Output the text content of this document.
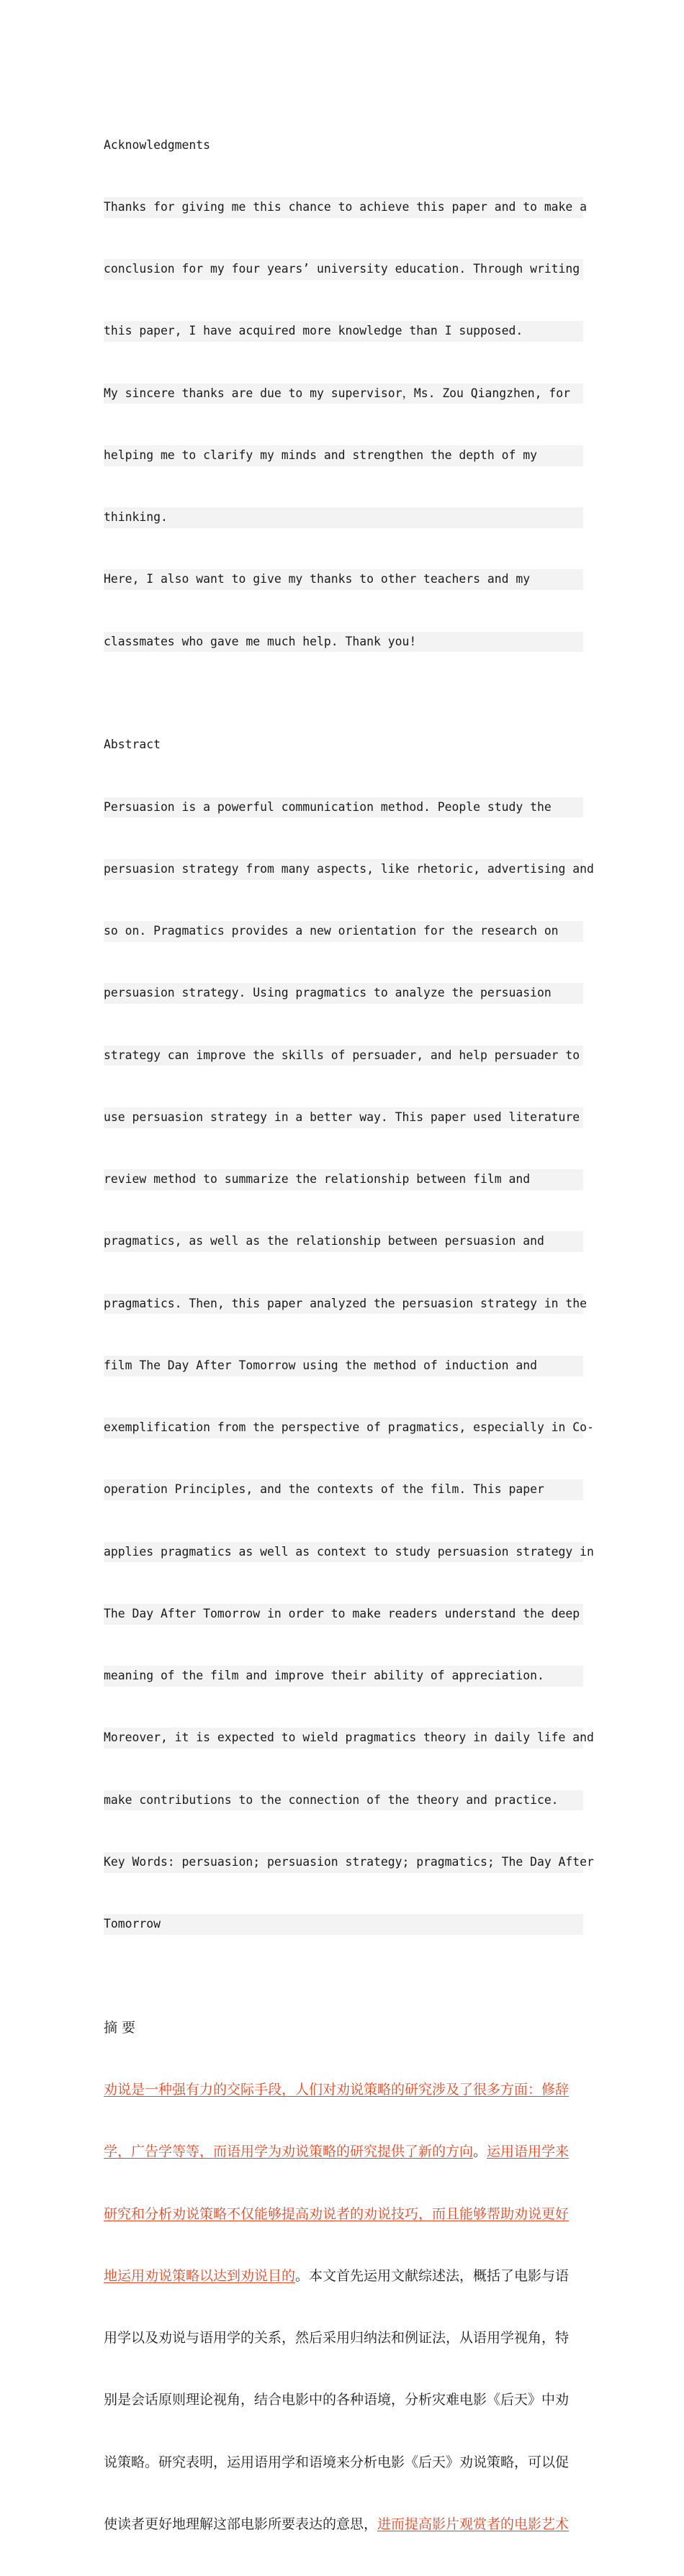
Acknowledgments

Thanks for giving me this chance to achieve this paper and to make a

conclusion for my four years’ university education. Through writing

this paper, I have acquired more knowledge than I supposed.

My sincere thanks are due to my supervisor，Ms. Zou Qiangzhen, for

helping me to clarify my minds and strengthen the depth of my

thinking.

Here, I also want to give my thanks to other teachers and my

classmates who gave me much help. Thank you!

Abstract

Persuasion is a powerful communication method. People study the

persuasion strategy from many aspects, like rhetoric, advertising and

so on. Pragmatics provides a new orientation for the research on

persuasion strategy. Using pragmatics to analyze the persuasion

strategy can improve the skills of persuader, and help persuader to

use persuasion strategy in a better way. This paper used literature

review method to summarize the relationship between film and

pragmatics, as well as the relationship between persuasion and

pragmatics. Then, this paper analyzed the persuasion strategy in the

film The Day After Tomorrow using the method of induction and

exemplification from the perspective of pragmatics, especially in Co-

operation Principles, and the contexts of the film. This paper

applies pragmatics as well as context to study persuasion strategy in

The Day After Tomorrow in order to make readers understand the deep

meaning of the film and improve their ability of appreciation.

Moreover, it is expected to wield pragmatics theory in daily life and

make contributions to the connection of the theory and practice.

Key Words: persuasion; persuasion strategy; pragmatics; The Day After

Tomorrow

摘 要

劝说是一种强有力的交际手段，人们对劝说策略的研究涉及了很多方面：修辞

学，广告学等等，而语用学为劝说策略的研究提供了新的方向。运用语用学来

研究和分析劝说策略不仅能够提高劝说者的劝说技巧，而且能够帮助劝说更好

地运用劝说策略以达到劝说目的。本文首先运用文献综述法，概括了电影与语

用学以及劝说与语用学的关系，然后采用归纳法和例证法，从语用学视角，特

别是会话原则理论视角，结合电影中的各种语境，分析灾难电影《后天》中劝

说策略。研究表明，运用语用学和语境来分析电影《后天》劝说策略，可以促

使读者更好地理解这部电影所要表达的意思，进而提高影片观赏者的电影艺术
